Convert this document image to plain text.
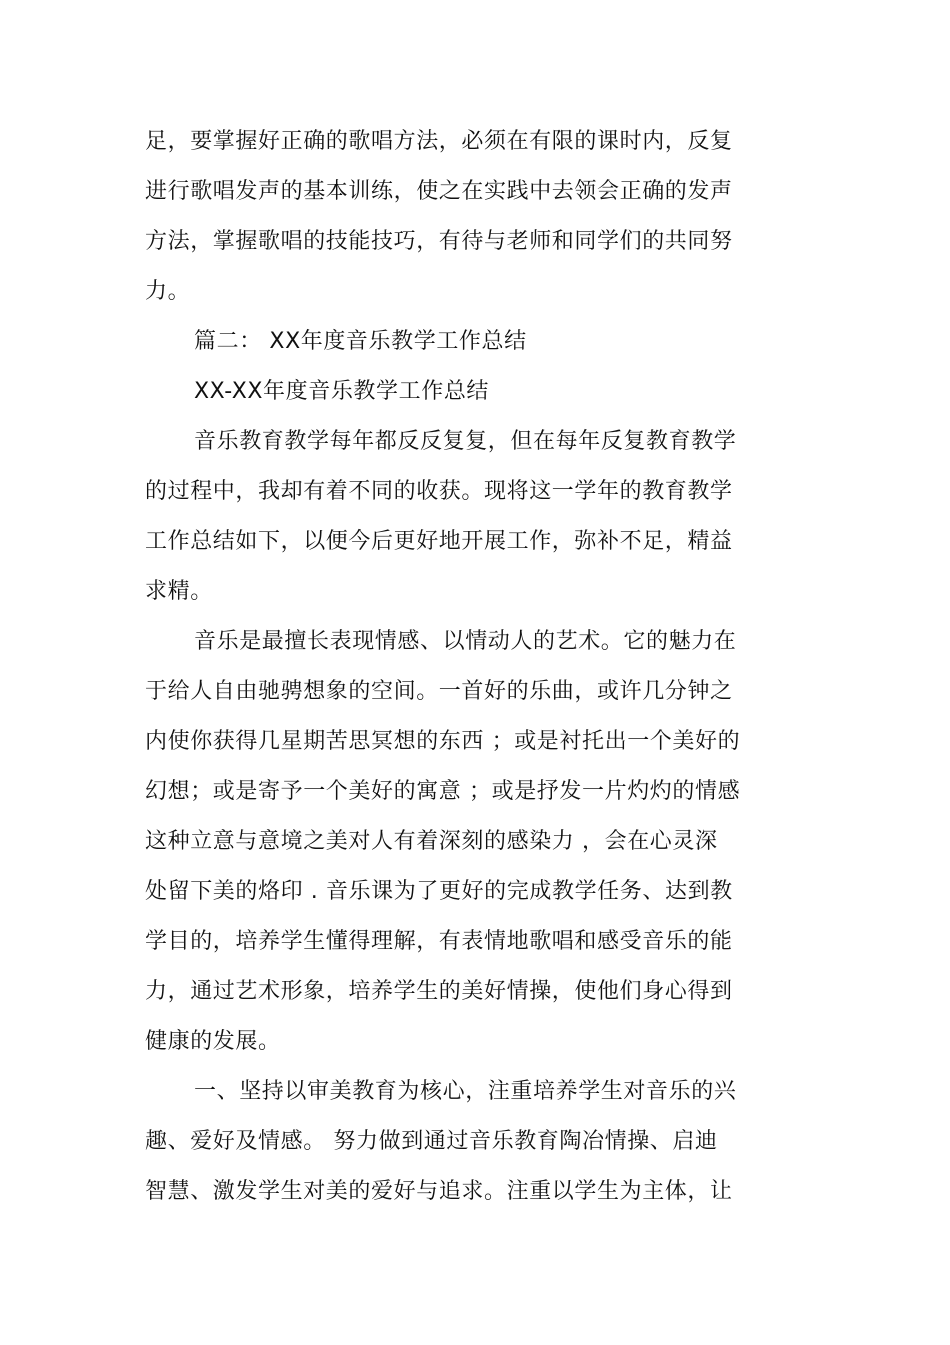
足，要掌握好正确的歌唱方法，必须在有限的课时内，反复
进行歌唱发声的基本训练，使之在实践中去领会正确的发声
方法，掌握歌唱的技能技巧，有待与老师和同学们的共同努
力。
篇二： XX年度音乐教学工作总结
XX-XX年度音乐教学工作总结
音乐教育教学每年都反反复复，但在每年反复教育教学
的过程中，我却有着不同的收获。现将这一学年的教育教学
工作总结如下，以便今后更好地开展工作，弥补不足，精益
求精。
音乐是最擅长表现情感、以情动人的艺术。它的魅力在
于给人自由驰骋想象的空间。一首好的乐曲，或许几分钟之
内使你获得几星期苦思冥想的东西 ；或是衬托出一个美好的
幻想；或是寄予一个美好的寓意 ；或是抒发一片灼灼的情感
这种立意与意境之美对人有着深刻的感染力 ，会在心灵深
处留下美的烙印 . 音乐课为了更好的完成教学任务、达到教
学目的，培养学生懂得理解，有表情地歌唱和感受音乐的能
力，通过艺术形象，培养学生的美好情操，使他们身心得到
健康的发展。
一、坚持以审美教育为核心，注重培养学生对音乐的兴
趣、爱好及情感。 努力做到通过音乐教育陶冶情操、启迪
智慧、激发学生对美的爱好与追求。注重以学生为主体，让
